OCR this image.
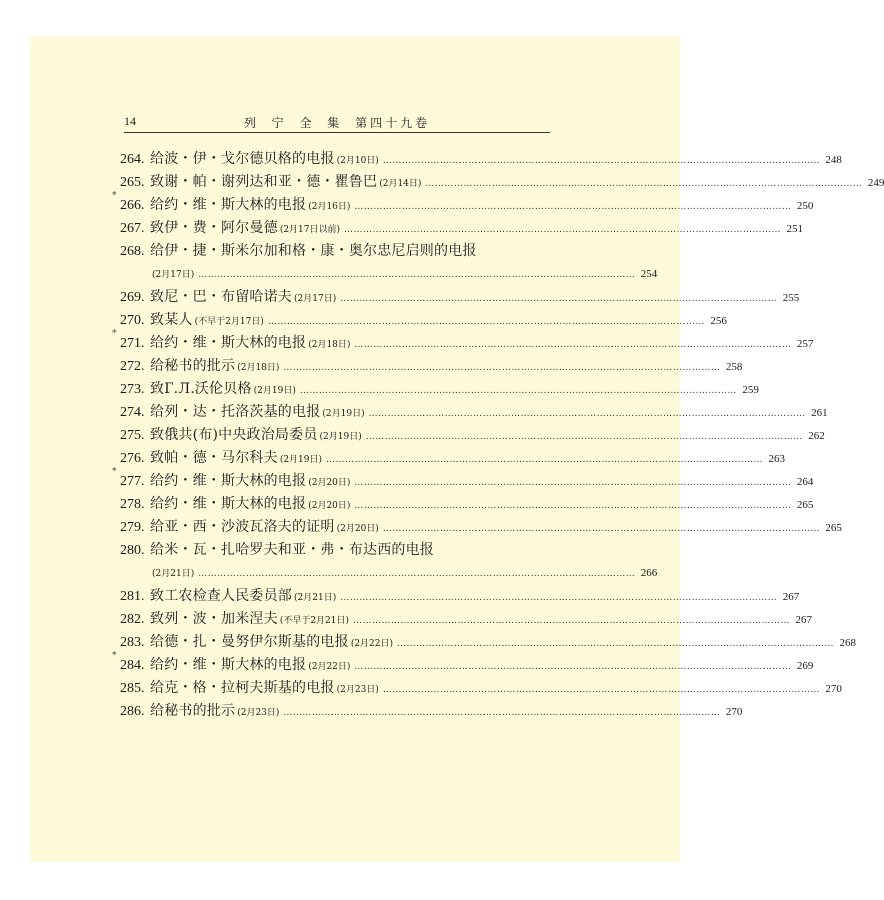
14	列 宁 全 集 第四十九卷
264. 给波・伊・戈尔德贝格的电报 (2月10日) ………………………………………………………………………………………………………………………… 248
265. 致谢・帕・谢列达和亚・德・瞿鲁巴 (2月14日) ………………………………………………………………………………………………………………………… 249
*
266. 给约・维・斯大林的电报 (2月16日) ………………………………………………………………………………………………………………………… 250
267. 致伊・费・阿尔曼德 (2月17日以前) ………………………………………………………………………………………………………………………… 251
268. 给伊・捷・斯米尔加和格・康・奥尔忠尼启则的电报
(2月17日) ………………………………………………………………………………………………………………………… 254
269. 致尼・巴・布留哈诺夫 (2月17日) ………………………………………………………………………………………………………………………… 255
270. 致某人 (不早于2月17日) ………………………………………………………………………………………………………………………… 256
*
271. 给约・维・斯大林的电报 (2月18日) ………………………………………………………………………………………………………………………… 257
272. 给秘书的批示 (2月18日) ………………………………………………………………………………………………………………………… 258
273. 致Г.Л.沃伦贝格 (2月19日) ………………………………………………………………………………………………………………………… 259
274. 给列・达・托洛茨基的电报 (2月19日) ………………………………………………………………………………………………………………………… 261
275. 致俄共(布)中央政治局委员 (2月19日) ………………………………………………………………………………………………………………………… 262
276. 致帕・德・马尔科夫 (2月19日) ………………………………………………………………………………………………………………………… 263
*
277. 给约・维・斯大林的电报 (2月20日) ………………………………………………………………………………………………………………………… 264
278. 给约・维・斯大林的电报 (2月20日) ………………………………………………………………………………………………………………………… 265
279. 给亚・西・沙波瓦洛夫的证明 (2月20日) ………………………………………………………………………………………………………………………… 265
280. 给米・瓦・扎哈罗夫和亚・弗・布达西的电报
(2月21日) ………………………………………………………………………………………………………………………… 266
281. 致工农检查人民委员部 (2月21日) ………………………………………………………………………………………………………………………… 267
282. 致列・波・加米涅夫 (不早于2月21日) ………………………………………………………………………………………………………………………… 267
283. 给德・扎・曼努伊尔斯基的电报 (2月22日) ………………………………………………………………………………………………………………………… 268
*
284. 给约・维・斯大林的电报 (2月22日) ………………………………………………………………………………………………………………………… 269
285. 给克・格・拉柯夫斯基的电报 (2月23日) ………………………………………………………………………………………………………………………… 270
286. 给秘书的批示 (2月23日) ………………………………………………………………………………………………………………………… 270
